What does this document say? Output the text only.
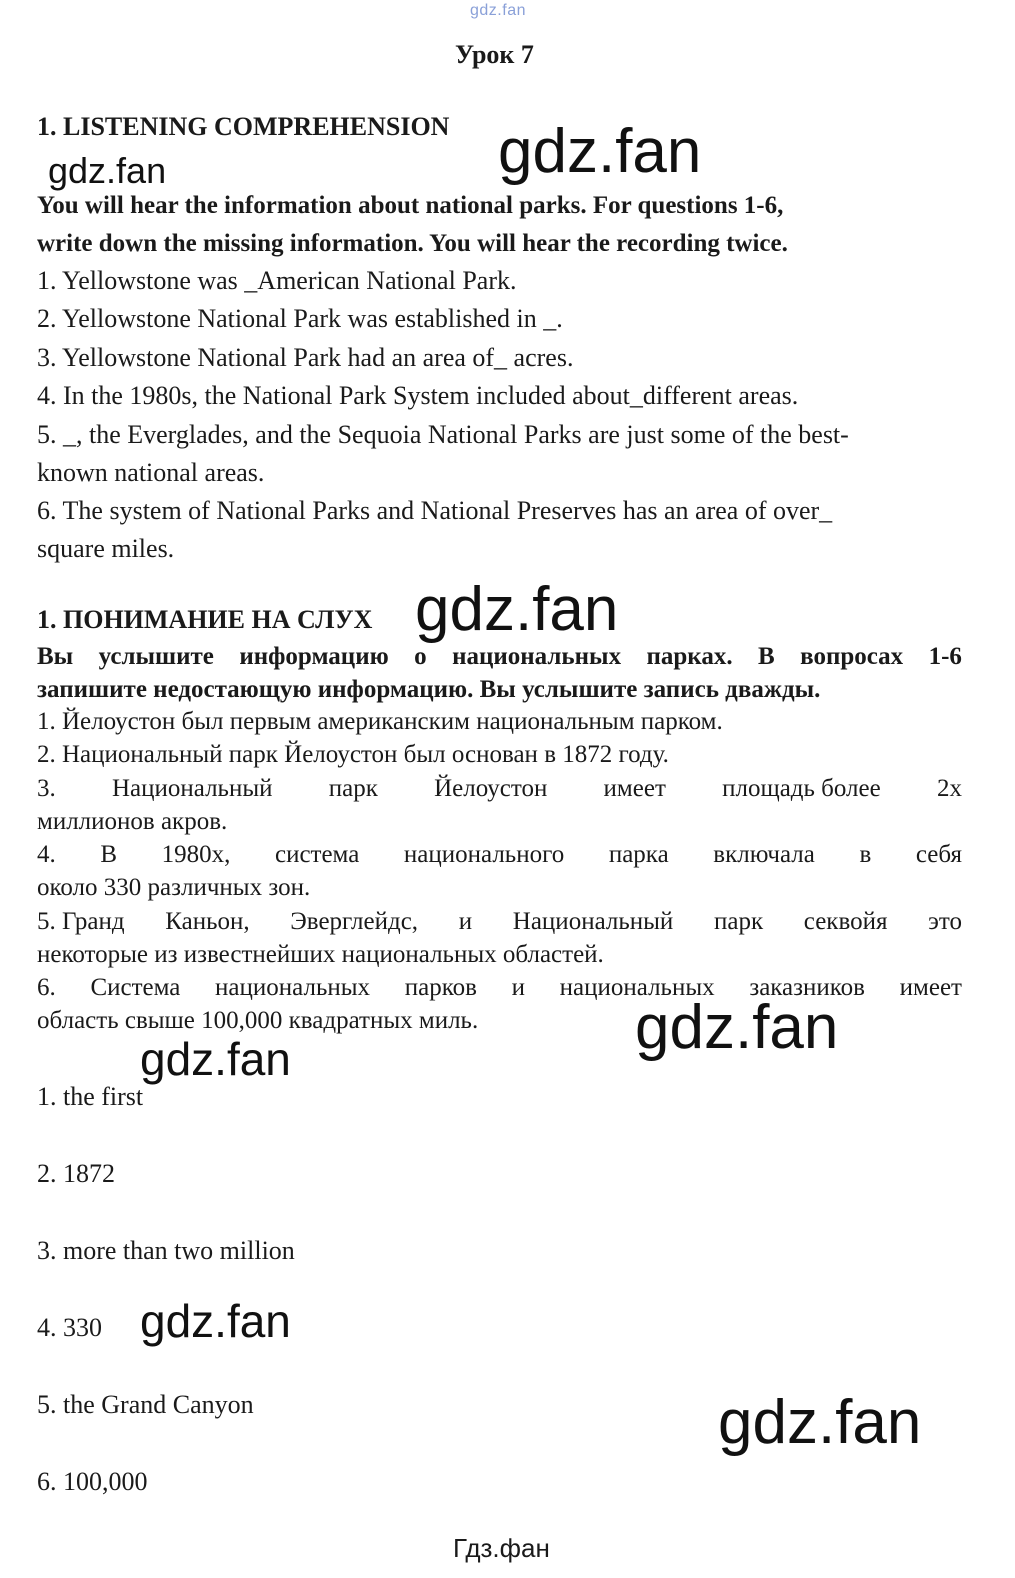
gdz.fan
Урок 7
1. LISTENING COMPREHENSION
gdz.fan	gdz.fan
You will hear the information about national parks. For questions 1-6,
write down the missing information. You will hear the recording twice.
1. Yellowstone was _American National Park.
2. Yellowstone National Park was established in _.
3. Yellowstone National Park had an area of_ acres.
4. In the 1980s, the National Park System included about_different areas.
5. _, the Everglades, and the Sequoia National Parks are just some of the best-
known national areas.
6. The system of National Parks and National Preserves has an area of over_
square miles.
1. ПОНИМАНИЕ НА СЛУХ gdz.fan
Вы услышите информацию о национальных парках. В вопросах 1-6
запишите недостающую информацию. Вы услышите запись дважды.
1. Йелоустон был первым американским национальным парком.
2. Национальный парк Йелоустон был основан в 1872 году.
3. Национальный парк Йелоустон имеет площадь более 2х
миллионов акров.
4. В 1980х, система национального парка включала в себя
около 330 различных зон.
5. Гранд Каньон, Эверглейдс, и Национальный парк секвойя это
некоторые из известнейших национальных областей.
6. Система национальных парков и национальных заказников имеет
область свыше 100,000 квадратных миль.	gdz.fan
gdz.fan
1. the first
2. 1872
3. more than two million
4. 330 gdz.fan
5. the Grand Canyon	gdz.fan
6. 100,000
Гдз.фан
